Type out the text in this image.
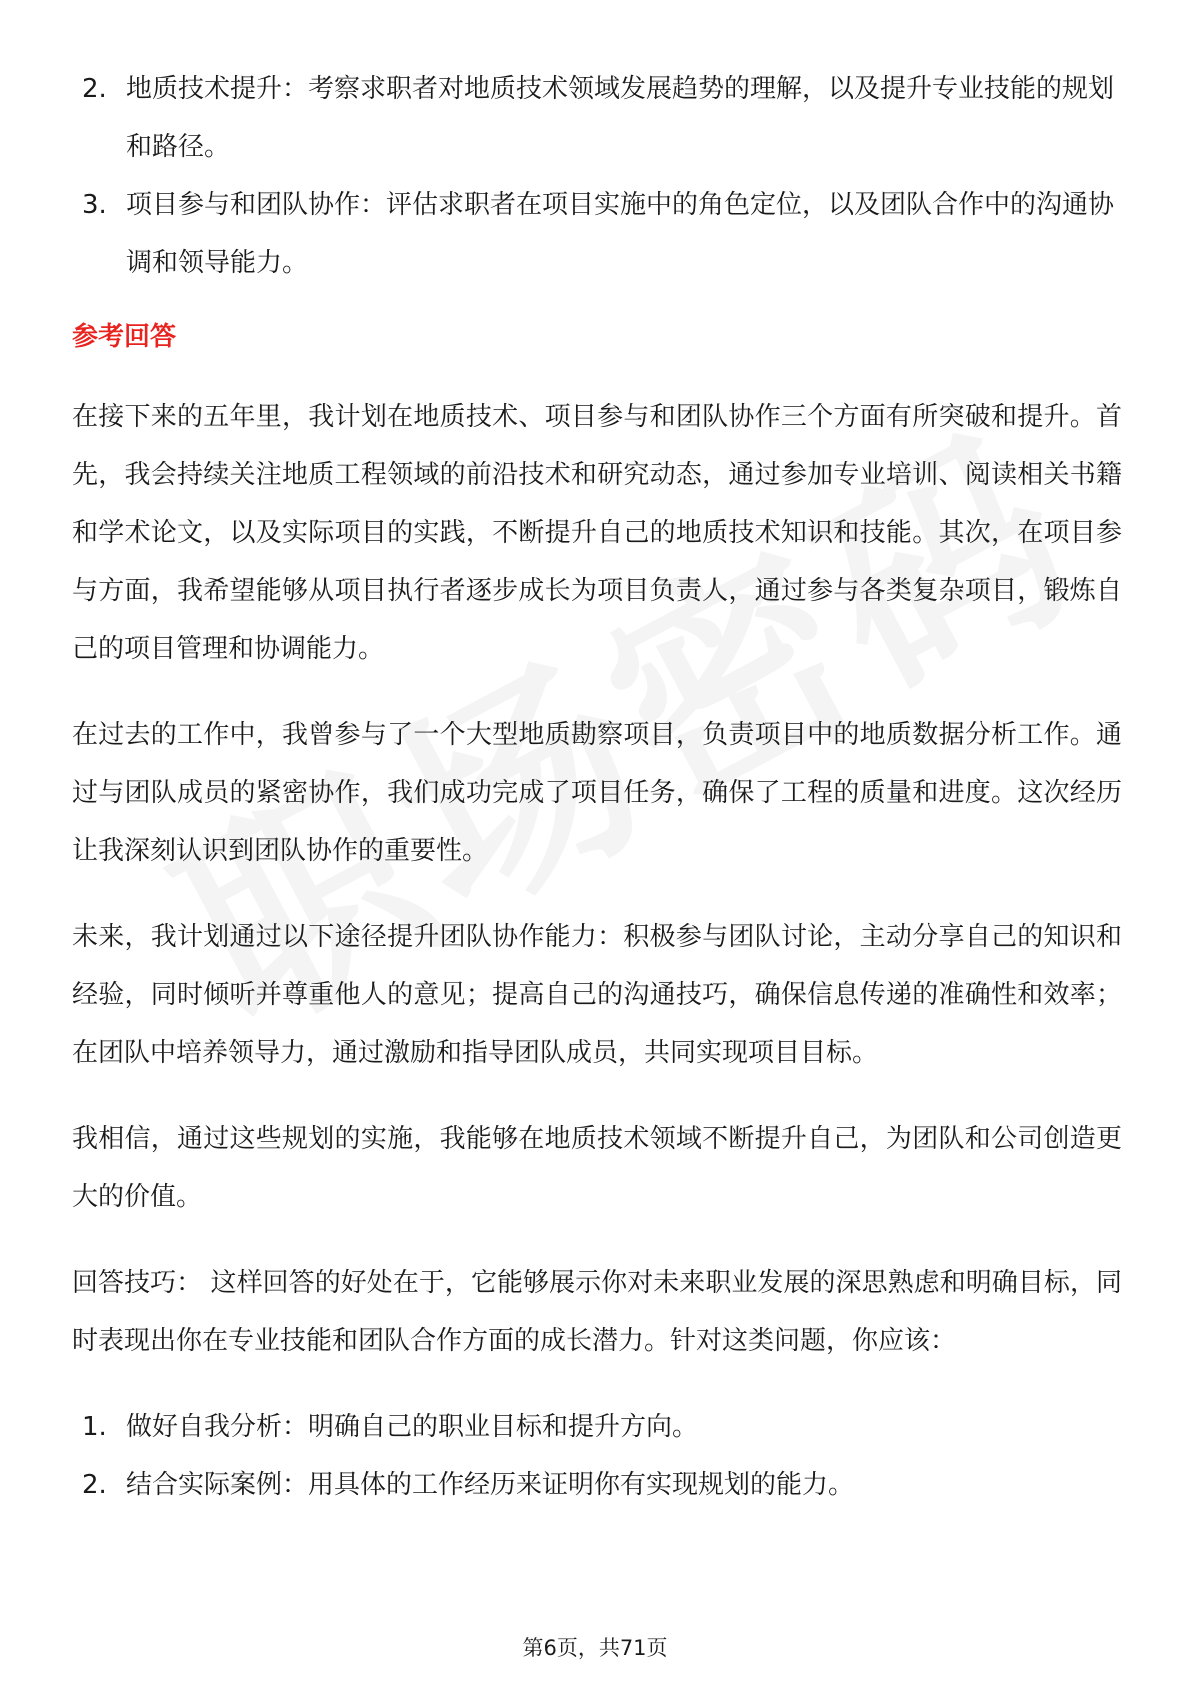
2. 地质技术提升：考察求职者对地质技术领域发展趋势的理解，以及提升专业技能的规划和路径。
3. 项目参与和团队协作：评估求职者在项目实施中的角色定位，以及团队合作中的沟通协调和领导能力。
参考回答

在接下来的五年里，我计划在地质技术、项目参与和团队协作三个方面有所突破和提升。首先，我会持续关注地质工程领域的前沿技术和研究动态，通过参加专业培训、阅读相关书籍和学术论文，以及实际项目的实践，不断提升自己的地质技术知识和技能。其次，在项目参与方面，我希望能够从项目执行者逐步成长为项目负责人，通过参与各类复杂项目，锻炼自己的项目管理和协调能力。

在过去的工作中，我曾参与了一个大型地质勘察项目，负责项目中的地质数据分析工作。通过与团队成员的紧密协作，我们成功完成了项目任务，确保了工程的质量和进度。这次经历让我深刻认识到团队协作的重要性。

未来，我计划通过以下途径提升团队协作能力：积极参与团队讨论，主动分享自己的知识和经验，同时倾听并尊重他人的意见；提高自己的沟通技巧，确保信息传递的准确性和效率；在团队中培养领导力，通过激励和指导团队成员，共同实现项目目标。

我相信，通过这些规划的实施，我能够在地质技术领域不断提升自己，为团队和公司创造更大的价值。

回答技巧： 这样回答的好处在于，它能够展示你对未来职业发展的深思熟虑和明确目标，同时表现出你在专业技能和团队合作方面的成长潜力。针对这类问题，你应该：

1. 做好自我分析：明确自己的职业目标和提升方向。
2. 结合实际案例：用具体的工作经历来证明你有实现规划的能力。
第6页，共71页
